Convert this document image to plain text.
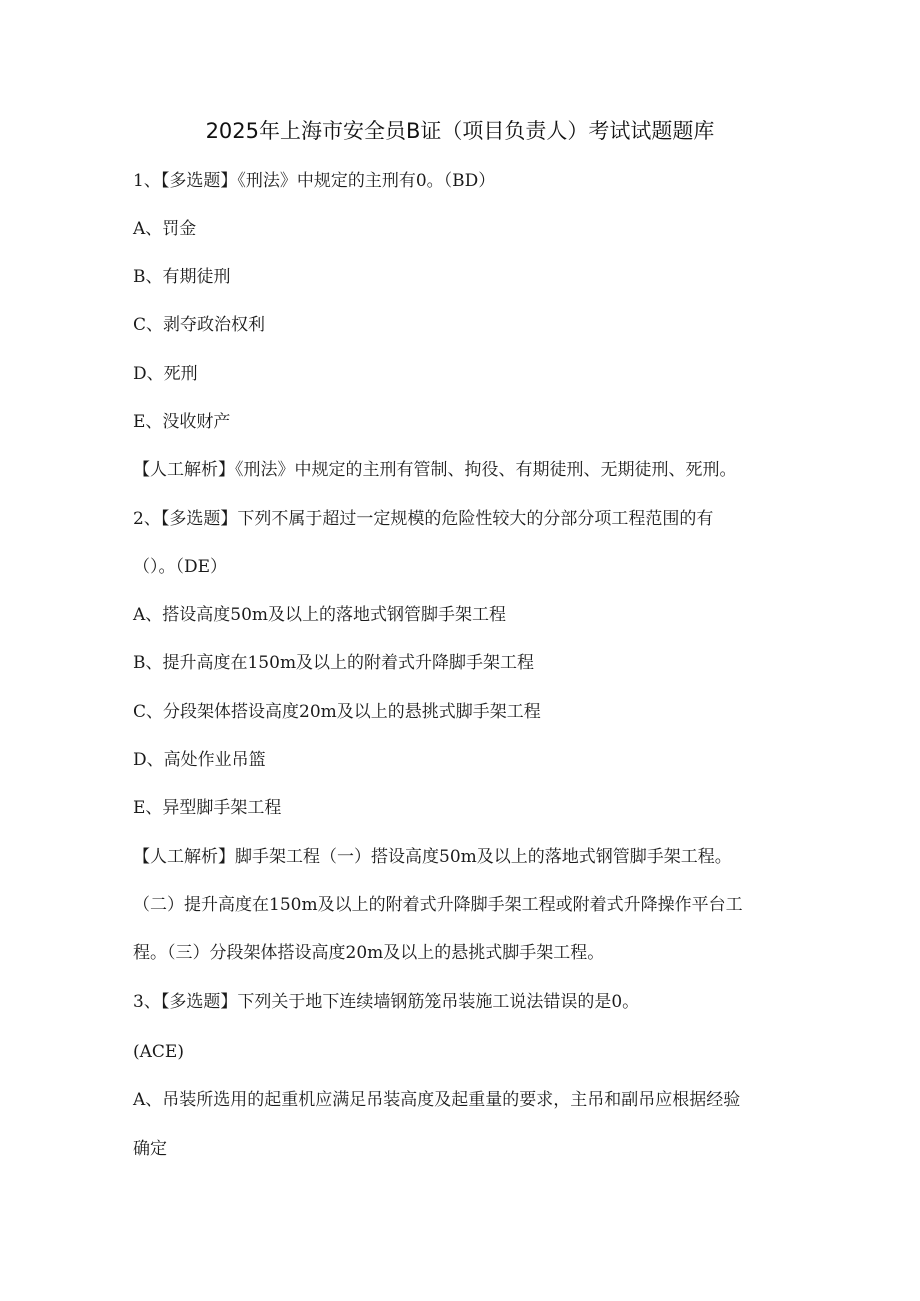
2025年上海市安全员B证（项目负责人）考试试题题库
1、【多选题】《刑法》中规定的主刑有0。（BD）
A、罚金
B、有期徒刑
C、剥夺政治权利
D、死刑
E、没收财产
【人工解析】《刑法》中规定的主刑有管制、拘役、有期徒刑、无期徒刑、死刑。
2、【多选题】下列不属于超过一定规模的危险性较大的分部分项工程范围的有
（）。（DE）
A、搭设高度50m及以上的落地式钢管脚手架工程
B、提升高度在150m及以上的附着式升降脚手架工程
C、分段架体搭设高度20m及以上的悬挑式脚手架工程
D、高处作业吊篮
E、异型脚手架工程
【人工解析】脚手架工程（一）搭设高度50m及以上的落地式钢管脚手架工程。
（二）提升高度在150m及以上的附着式升降脚手架工程或附着式升降操作平台工
程。（三）分段架体搭设高度20m及以上的悬挑式脚手架工程。
3、【多选题】下列关于地下连续墙钢筋笼吊装施工说法错误的是0。
(ACE)
A、吊装所选用的起重机应满足吊装高度及起重量的要求，主吊和副吊应根据经验
确定
